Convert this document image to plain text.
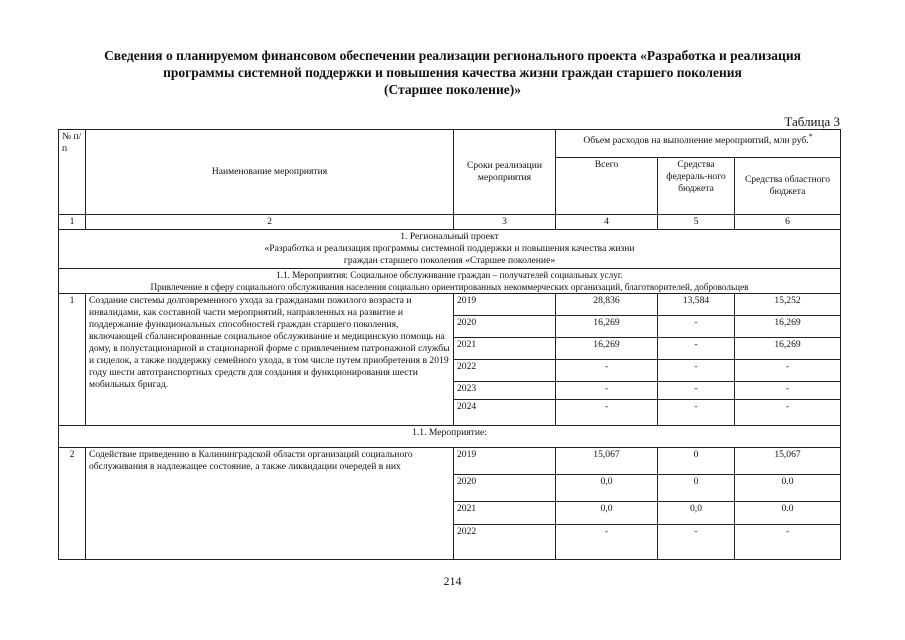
Сведения о планируемом финансовом обеспечении реализации регионального проекта «Разработка и реализация
программы системной поддержки и повышения качества жизни граждан старшего поколения
(Старшее поколение)»
Таблица 3
№ п/п	Наименование мероприятия	Сроки реализации мероприятия	Объем расходов на выполнение мероприятий, млн руб.*
			Всего	Средства федераль-ного бюджета	Средства областного бюджета
1	2	3	4	5	6

1. Региональный проект
«Разработка и реализация программы системной поддержки и повышения качества жизни
граждан старшего поколения «Старшее поколение»					

1.1. Мероприятия: Социальное обслуживание граждан – получателей социальных услуг.
Привлечение в сферу социального обслуживания населения социально ориентированных некоммерческих организаций, благотворителей, добровольцев					

1	Создание системы долговременного ухода за гражданами пожилого возраста и инвалидами, как составной части мероприятий, направленных на развитие и поддержание функциональных способностей граждан старшего поколения, включающей сбалансированные социальное обслуживание и медицинскую помощь на дому, в полустационарной и стационарной форме с привлечением патронажной службы и сиделок, а также поддержку семейного ухода, в том числе путем приобретения в 2019 году шести автотранспортных средств для создания и функционирования шести мобильных бригад.	2019	28,836	13,584	15,252
		2020	16,269	-	16,269
		2021	16,269	-	16,269
		2022	-	-	-
		2023	-	-	-
		2024	-	-	-
1.1. Мероприятие:					
2	Содействие приведению в Калининградской области организаций социального обслуживания в надлежащее состояние, а также ликвидации очередей в них	2019	15,067	0	15,067
		2020	0,0	0	0.0
		2021	0,0	0,0	0.0
		2022	-	-	-
214
